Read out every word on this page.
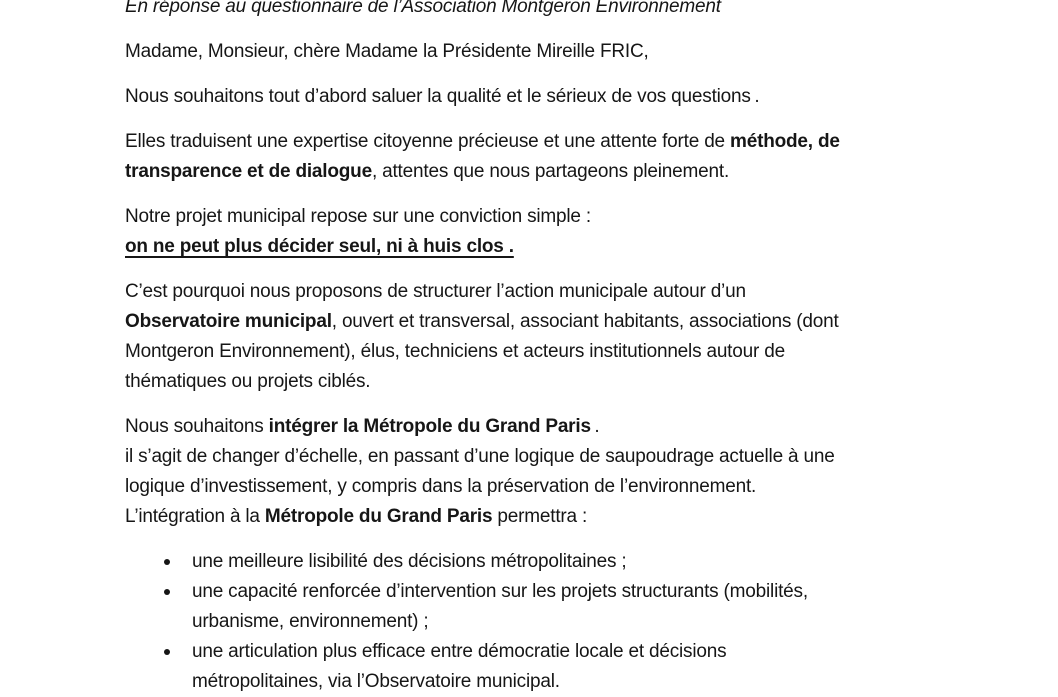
En réponse au questionnaire de l’Association Montgeron Environnement

Madame, Monsieur, chère Madame la Présidente Mireille FRIC,

Nous souhaitons tout d’abord saluer la qualité et le sérieux de vos questions .

Elles traduisent une expertise citoyenne précieuse et une attente forte de méthode, de
transparence et de dialogue, attentes que nous partageons pleinement.

Notre projet municipal repose sur une conviction simple :
on ne peut plus décider seul, ni à huis clos .

C’est pourquoi nous proposons de structurer l’action municipale autour d’un
Observatoire municipal, ouvert et transversal, associant habitants, associations (dont
Montgeron Environnement), élus, techniciens et acteurs institutionnels autour de
thématiques ou projets ciblés.

Nous souhaitons intégrer la Métropole du Grand Paris .
il s’agit de changer d’échelle, en passant d’une logique de saupoudrage actuelle à une
logique d’investissement, y compris dans la préservation de l’environnement.
L’intégration à la Métropole du Grand Paris permettra :

une meilleure lisibilité des décisions métropolitaines ;
une capacité renforcée d’intervention sur les projets structurants (mobilités,
urbanisme, environnement) ;
une articulation plus efficace entre démocratie locale et décisions
métropolitaines, via l’Observatoire municipal.
